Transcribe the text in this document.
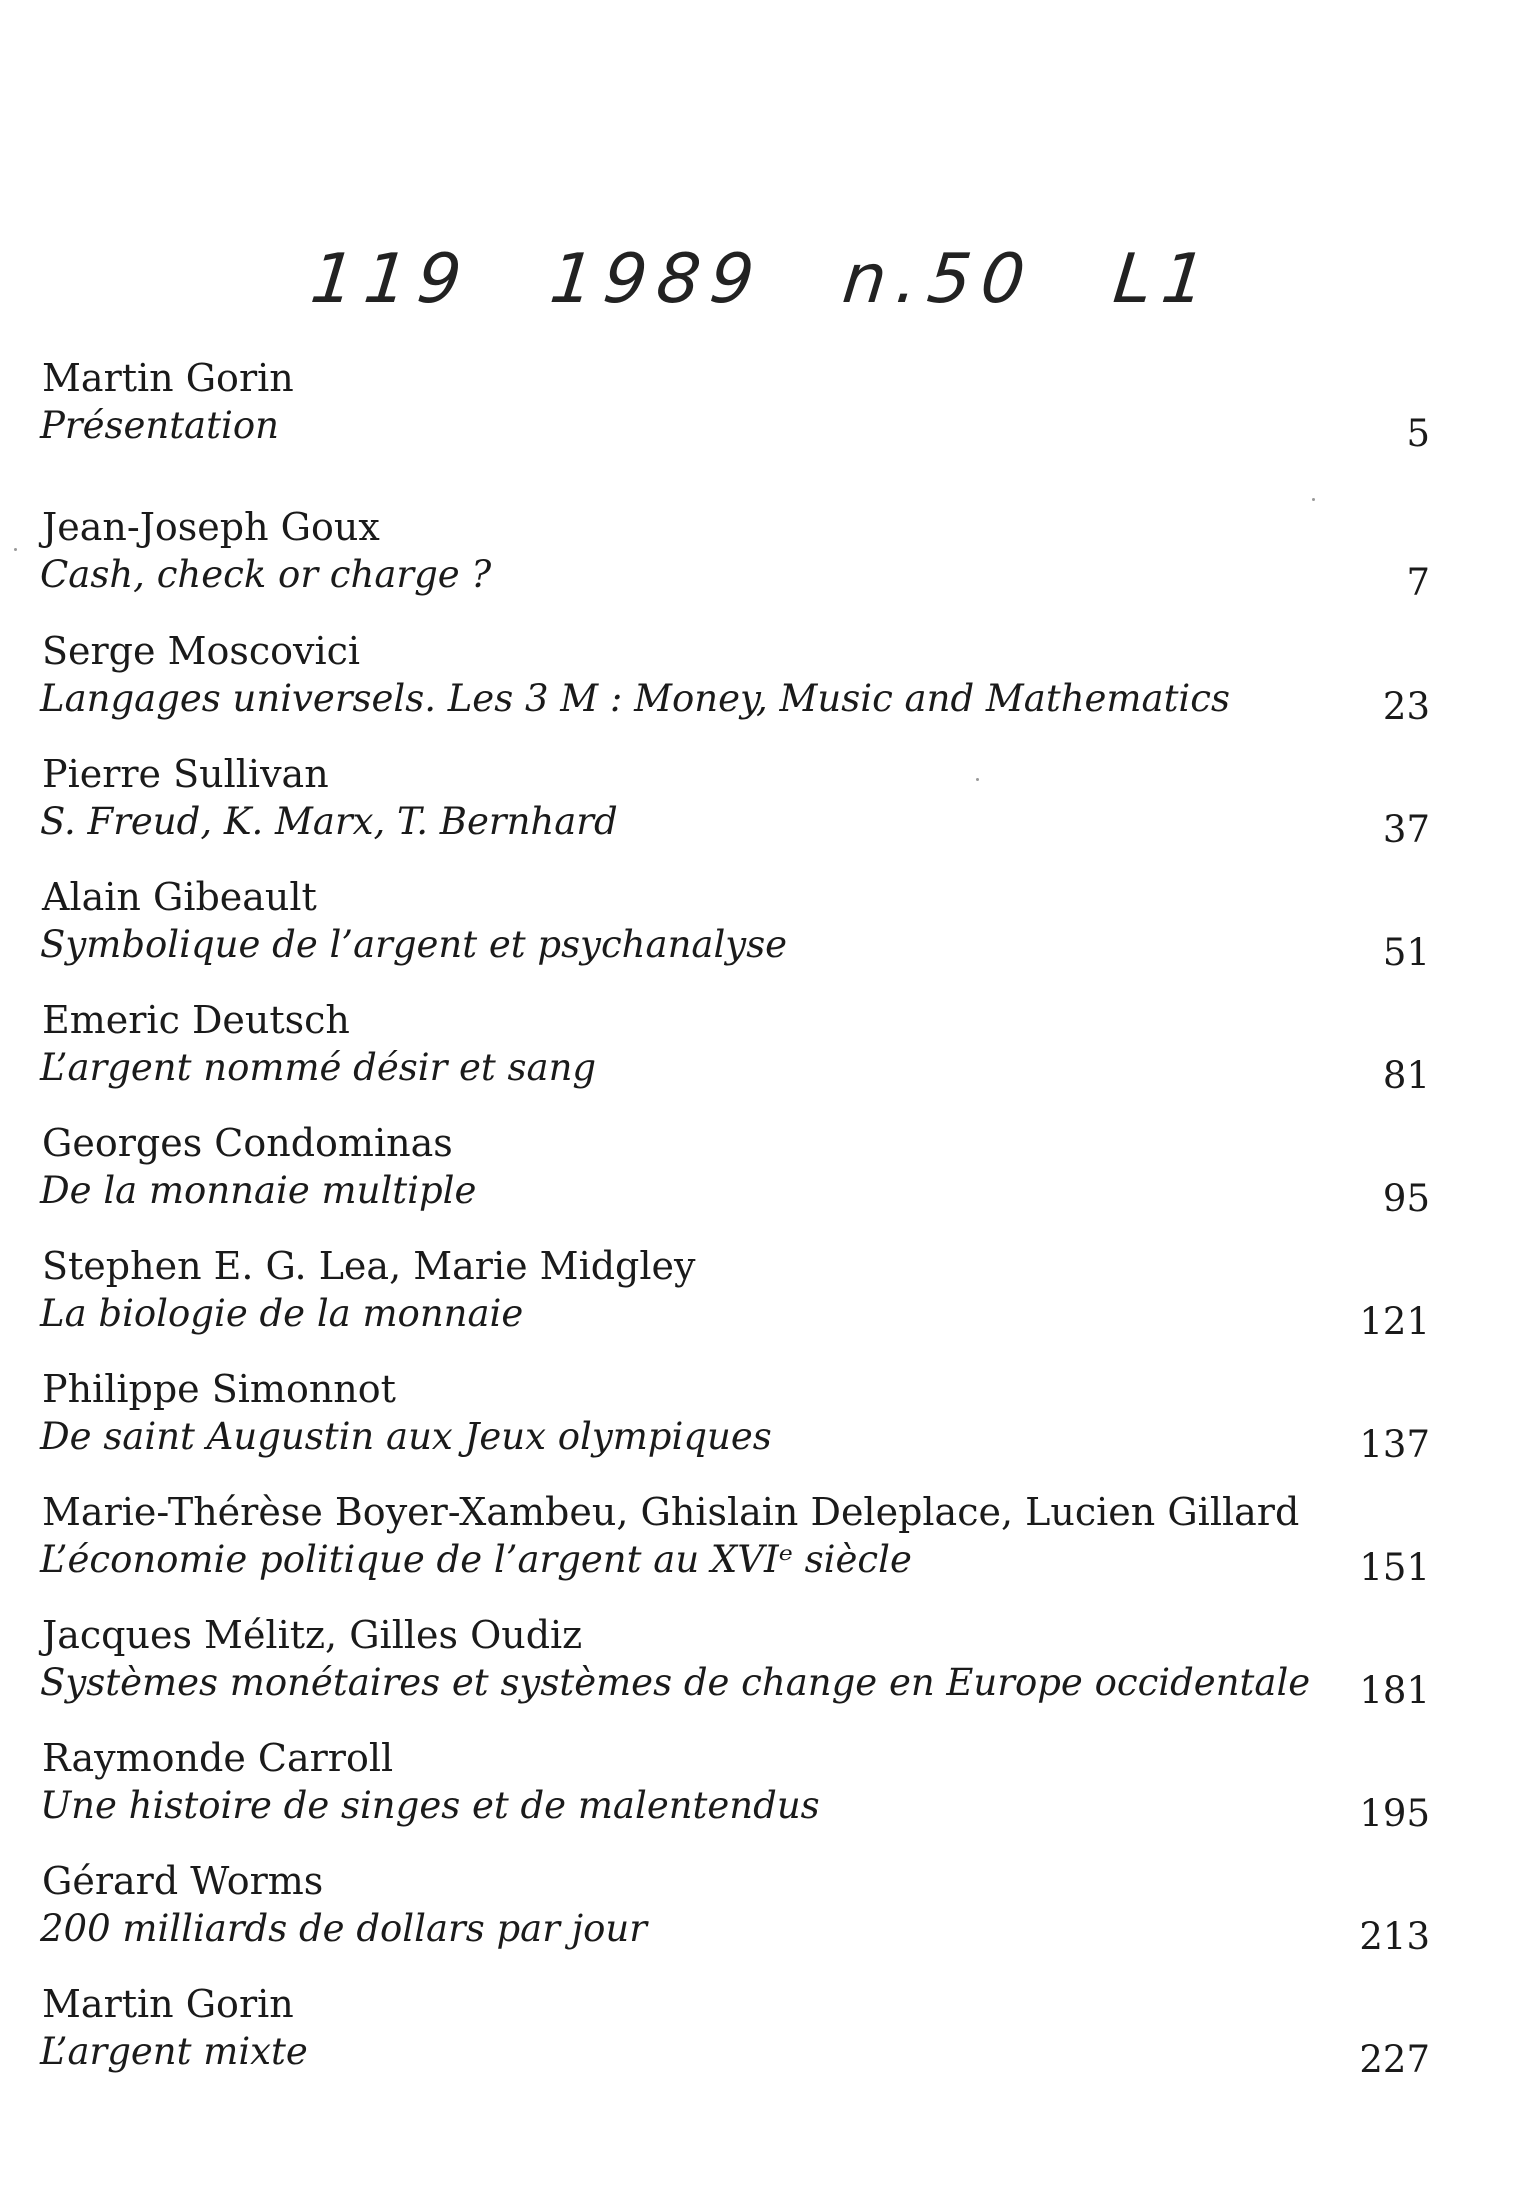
119 1989 n.50 L1
Martin Gorin
Présentation	5
Jean-Joseph Goux
Cash, check or charge ?	7
Serge Moscovici
Langages universels. Les 3 M : Money, Music and Mathematics	23
Pierre Sullivan
S. Freud, K. Marx, T. Bernhard	37
Alain Gibeault
Symbolique de l’argent et psychanalyse	51
Emeric Deutsch
L’argent nommé désir et sang	81
Georges Condominas
De la monnaie multiple	95
Stephen E. G. Lea, Marie Midgley
La biologie de la monnaie	121
Philippe Simonnot
De saint Augustin aux Jeux olympiques	137
Marie-Thérèse Boyer-Xambeu, Ghislain Deleplace, Lucien Gillard
L’économie politique de l’argent au XVIᵉ siècle	151
Jacques Mélitz, Gilles Oudiz
Systèmes monétaires et systèmes de change en Europe occidentale 181
Raymonde Carroll
Une histoire de singes et de malentendus	195
Gérard Worms
200 milliards de dollars par jour	213
Martin Gorin
L’argent mixte	227
